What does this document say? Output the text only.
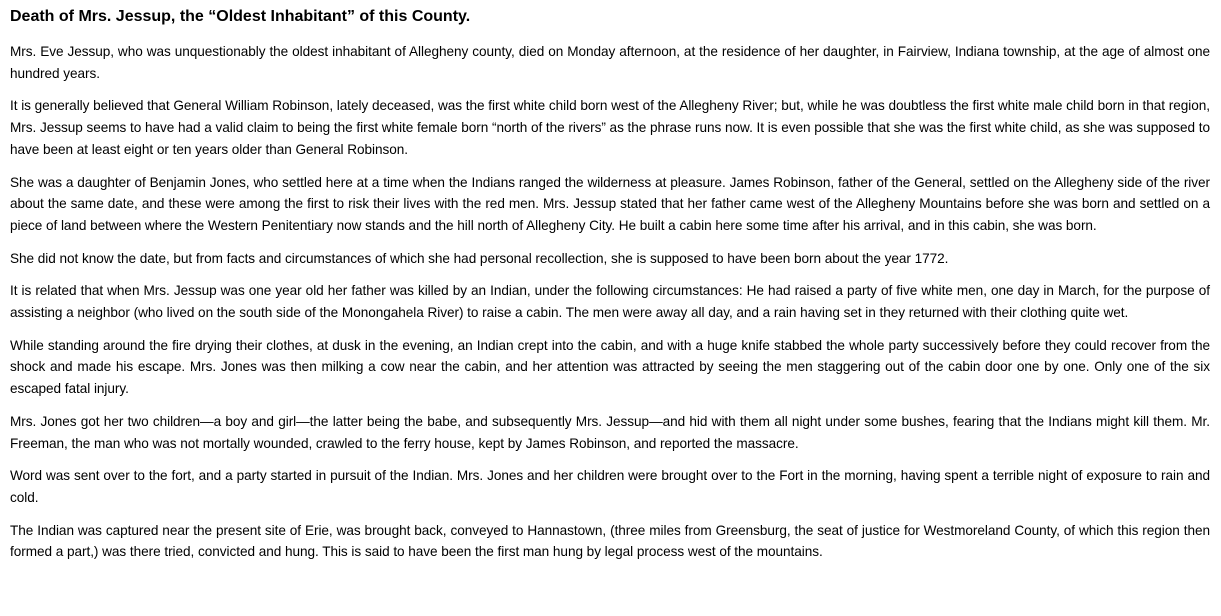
Death of Mrs. Jessup, the “Oldest Inhabitant” of this County.

Mrs. Eve Jessup, who was unquestionably the oldest inhabitant of Allegheny county, died on Monday afternoon, at the residence of her daughter, in Fairview, Indiana township, at the age of almost one hundred years.

It is generally believed that General William Robinson, lately deceased, was the first white child born west of the Allegheny River; but, while he was doubtless the first white male child born in that region, Mrs. Jessup seems to have had a valid claim to being the first white female born “north of the rivers” as the phrase runs now. It is even possible that she was the first white child, as she was supposed to have been at least eight or ten years older than General Robinson.

She was a daughter of Benjamin Jones, who settled here at a time when the Indians ranged the wilderness at pleasure. James Robinson, father of the General, settled on the Allegheny side of the river about the same date, and these were among the first to risk their lives with the red men. Mrs. Jessup stated that her father came west of the Allegheny Mountains before she was born and settled on a piece of land between where the Western Penitentiary now stands and the hill north of Allegheny City. He built a cabin here some time after his arrival, and in this cabin, she was born.

She did not know the date, but from facts and circumstances of which she had personal recollection, she is supposed to have been born about the year 1772.

It is related that when Mrs. Jessup was one year old her father was killed by an Indian, under the following circumstances: He had raised a party of five white men, one day in March, for the purpose of assisting a neighbor (who lived on the south side of the Monongahela River) to raise a cabin. The men were away all day, and a rain having set in they returned with their clothing quite wet.

While standing around the fire drying their clothes, at dusk in the evening, an Indian crept into the cabin, and with a huge knife stabbed the whole party successively before they could recover from the shock and made his escape. Mrs. Jones was then milking a cow near the cabin, and her attention was attracted by seeing the men staggering out of the cabin door one by one. Only one of the six escaped fatal injury.

Mrs. Jones got her two children—a boy and girl—the latter being the babe, and subsequently Mrs. Jessup—and hid with them all night under some bushes, fearing that the Indians might kill them. Mr. Freeman, the man who was not mortally wounded, crawled to the ferry house, kept by James Robinson, and reported the massacre.

Word was sent over to the fort, and a party started in pursuit of the Indian. Mrs. Jones and her children were brought over to the Fort in the morning, having spent a terrible night of exposure to rain and cold.

The Indian was captured near the present site of Erie, was brought back, conveyed to Hannastown, (three miles from Greensburg, the seat of justice for Westmoreland County, of which this region then formed a part,) was there tried, convicted and hung. This is said to have been the first man hung by legal process west of the mountains.
